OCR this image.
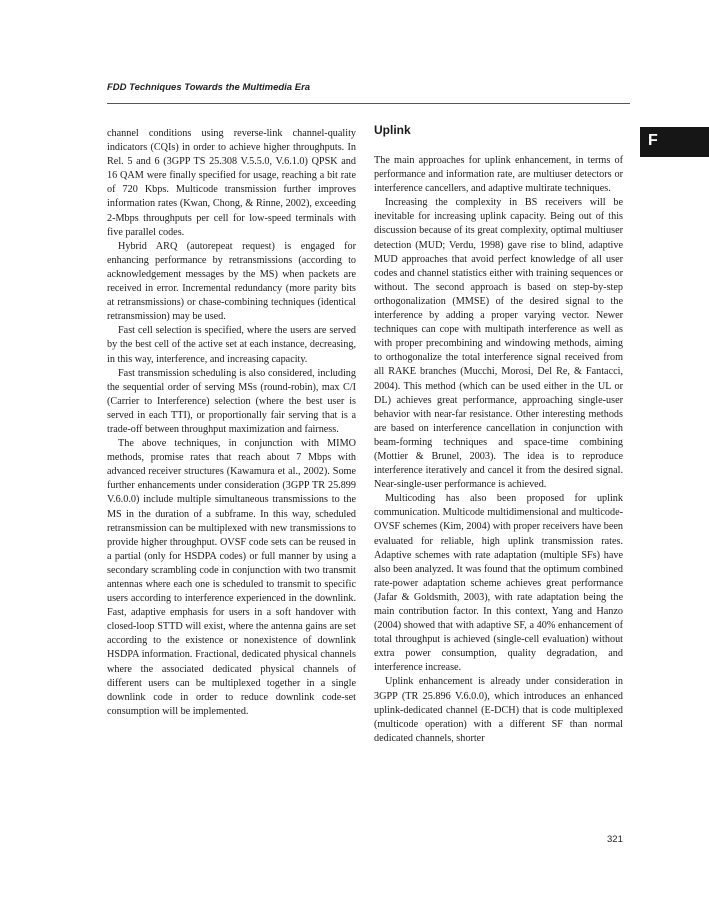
FDD Techniques Towards the Multimedia Era
F

channel conditions using reverse-link channel-quality indicators (CQIs) in order to achieve higher throughputs. In Rel. 5 and 6 (3GPP TS 25.308 V.5.5.0, V.6.1.0) QPSK and 16 QAM were finally specified for usage, reaching a bit rate of 720 Kbps. Multicode transmission further improves information rates (Kwan, Chong, & Rinne, 2002), exceeding 2-Mbps throughputs per cell for low-speed terminals with five parallel codes.

Hybrid ARQ (autorepeat request) is engaged for enhancing performance by retransmissions (according to acknowledgement messages by the MS) when packets are received in error. Incremental redundancy (more parity bits at retransmissions) or chase-combining techniques (identical retransmission) may be used.

Fast cell selection is specified, where the users are served by the best cell of the active set at each instance, decreasing, in this way, interference, and increasing capacity.

Fast transmission scheduling is also considered, including the sequential order of serving MSs (round-robin), max C/I (Carrier to Interference) selection (where the best user is served in each TTI), or proportionally fair serving that is a trade-off between throughput maximization and fairness.

The above techniques, in conjunction with MIMO methods, promise rates that reach about 7 Mbps with advanced receiver structures (Kawamura et al., 2002). Some further enhancements under consideration (3GPP TR 25.899 V.6.0.0) include multiple simultaneous transmissions to the MS in the duration of a subframe. In this way, scheduled retransmission can be multiplexed with new transmissions to provide higher throughput. OVSF code sets can be reused in a partial (only for HSDPA codes) or full manner by using a secondary scrambling code in conjunction with two transmit antennas where each one is scheduled to transmit to specific users according to interference experienced in the downlink. Fast, adaptive emphasis for users in a soft handover with closed-loop STTD will exist, where the antenna gains are set according to the existence or nonexistence of downlink HSDPA information. Fractional, dedicated physical channels where the associated dedicated physical channels of different users can be multiplexed together in a single downlink code in order to reduce downlink code-set consumption will be implemented.

Uplink

The main approaches for uplink enhancement, in terms of performance and information rate, are multiuser detectors or interference cancellers, and adaptive multirate techniques.

Increasing the complexity in BS receivers will be inevitable for increasing uplink capacity. Being out of this discussion because of its great complexity, optimal multiuser detection (MUD; Verdu, 1998) gave rise to blind, adaptive MUD approaches that avoid perfect knowledge of all user codes and channel statistics either with training sequences or without. The second approach is based on step-by-step orthogonalization (MMSE) of the desired signal to the interference by adding a proper varying vector. Newer techniques can cope with multipath interference as well as with proper precombining and windowing methods, aiming to orthogonalize the total interference signal received from all RAKE branches (Mucchi, Morosi, Del Re, & Fantacci, 2004). This method (which can be used either in the UL or DL) achieves great performance, approaching single-user behavior with near-far resistance. Other interesting methods are based on interference cancellation in conjunction with beam-forming techniques and space-time combining (Mottier & Brunel, 2003). The idea is to reproduce interference iteratively and cancel it from the desired signal. Near-single-user performance is achieved.

Multicoding has also been proposed for uplink communication. Multicode multidimensional and multicode-OVSF schemes (Kim, 2004) with proper receivers have been evaluated for reliable, high uplink transmission rates. Adaptive schemes with rate adaptation (multiple SFs) have also been analyzed. It was found that the optimum combined rate-power adaptation scheme achieves great performance (Jafar & Goldsmith, 2003), with rate adaptation being the main contribution factor. In this context, Yang and Hanzo (2004) showed that with adaptive SF, a 40% enhancement of total throughput is achieved (single-cell evaluation) without extra power consumption, quality degradation, and interference increase.

Uplink enhancement is already under consideration in 3GPP (TR 25.896 V.6.0.0), which introduces an enhanced uplink-dedicated channel (E-DCH) that is code multiplexed (multicode operation) with a different SF than normal dedicated channels, shorter

321
